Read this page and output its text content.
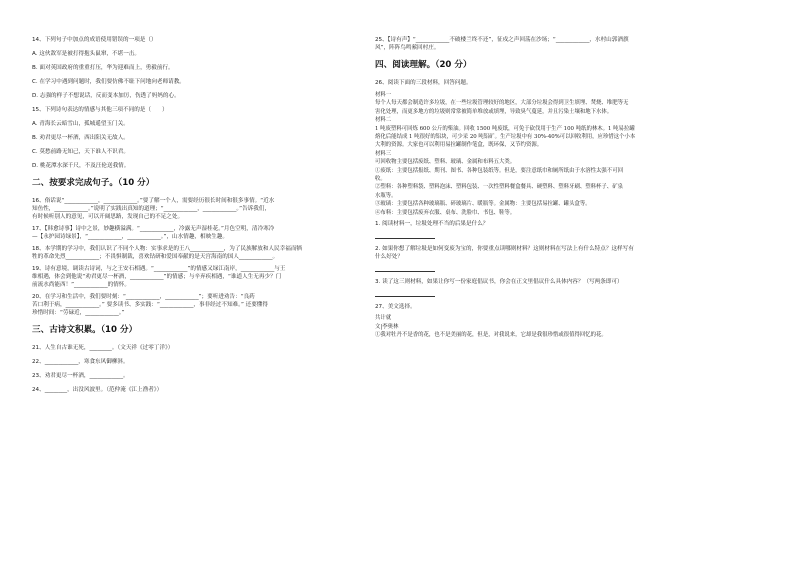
14、下列句子中加点的成语使用错误的一项是（）

A. 这伙敌军是被打得抱头鼠窜，不堪一击。

B. 面对英国政府的重重打压，华为迎难而上，勇毅前行。

C. 在学习中遇到问题时，我们要仿佛不耻下问地向老师请教。

D. 志强的样子不想说话，反而变本加厉，伤透了妈妈的心。

15、下列诗句表达的情感与其他三项不同的是（　　）

A. 青海长云暗雪山，孤城遥望玉门关。

B. 劝君更尽一杯酒，西出阳关无故人。

C. 莫愁前路无知己，天下谁人不识君。

D. 桃花潭水深千尺，不及汪伦送我情。

二、按要求完成句子。（10 分）

16、俗话说“____________，____________。”要了解一个人，需要经历很长时间和很多事情。“近水

知鱼性，____________。”说明了实践出真知的道理；“____________，____________。”告诉我们，

有时候听别人的意见，可以开阔思路，发现自己的不足之处。

17、【韩愈诗事】诗中之景，妙趣横溢满。“____________，冷露无声湿桂花。”月色空明，清冷寒冷

—【永护园诗绿景】，“____________，____________。”，山水情趣，相映生趣。

18、本学期的学习中，我们认识了不同个人物：实事求是的王八____________，为了民族解放和人民幸福而牺

牲的革命先烈____________；不畏惧制裁，喜欢钻研和爱国奉献的是天宫海南的国人____________。

19、诗有意境，调读古诗词，与之王安石相遇。“____________”的情感又绿江南岸，____________与王

维相遇，体会到他说“劝君更尽一杯酒，____________”的情感；与辛弃疾相遇，“谁道人生无再少？门

前流水尚能西！”____________的情怀。

20、在学习和生活中，我们要时刻：“____________，____________”；要听进劝告：“良药

苦口利于病，____________。” 要多读书、多实践：“____________，事非经过不知难。” 还要懂得

珍惜时间：“劳碌近，____________。”

三、古诗文积累。（10 分）

21、人生自古谁无死，________。（文天祥《过零丁洋》）

22、____________，寒食东风御柳斜。

23、劝君更尽一杯酒，____________。

24、________，出没风波里。（范仲淹《江上渔者》）

25、【诗有声】“____________不破楼兰终不还”，征戍之声回荡在沙场；“____________，水村山郭酒旗

风”，阵阵鸟鸣萦回村庄。

四、阅读理解。（20 分）

26、阅读下面的三段材料，回答问题。

材料一

每个人每天都会制造许多垃圾，在一些垃圾管理较好的地区，大部分垃圾会得到卫生填埋、焚烧、堆肥等无

害化处理，而更多地方的垃圾则常常被简单堆放或填埋，导致臭气蔓延，并且污染土壤和地下水体。

材料二

1 吨废塑料可回炼 600 公斤的柴油。回收 1500 吨废纸，可免于砍伐用于生产 100 吨纸的林木。1 吨易拉罐

熔化后能结成 1 吨很好的铝块，可少采 20 吨铝矿。生产垃圾中有 30%-40%可以回收利用，应珍惜这个小本

大利的资源。大家也可以利用易拉罐制作笔盒，既环保，又节约资源。

材料三

可回收物主要包括废纸、塑料、玻璃、金属和布料五大类。

①废纸：主要包括报纸、期刊、图书、各种包装纸等。但是，要注意纸巾和厕所纸由于水溶性太强不可回

收。

②塑料：各种塑料袋、塑料泡沫、塑料包装、一次性塑料餐盒餐具、硬塑料、塑料牙刷、塑料杯子、矿泉

水瓶等。

③玻璃：主要包括各种玻璃瓶、碎玻璃片、暖瓶等。金属物：主要包括易拉罐、罐头盒等。

④布料：主要包括废弃衣服、桌布、洗脸巾、书包、鞋等。

1. 阅读材料一，垃圾处理不当的后果是什么？

2. 如果你想了解垃圾是如何变废为宝的，你要重点读哪则材料？这则材料在写法上有什么特点？这样写有

什么好处？

3. 读了这三则材料，如果让你写一份家庭倡议书，你会在正文里倡议什么具体内容？（写两条即可）

27、美文选择。

共计就

文|李奥林

①我对牡丹不是香的花，也不是美丽的花，但是，对我说来，它却是我很珍惜或很值得回忆的花。
